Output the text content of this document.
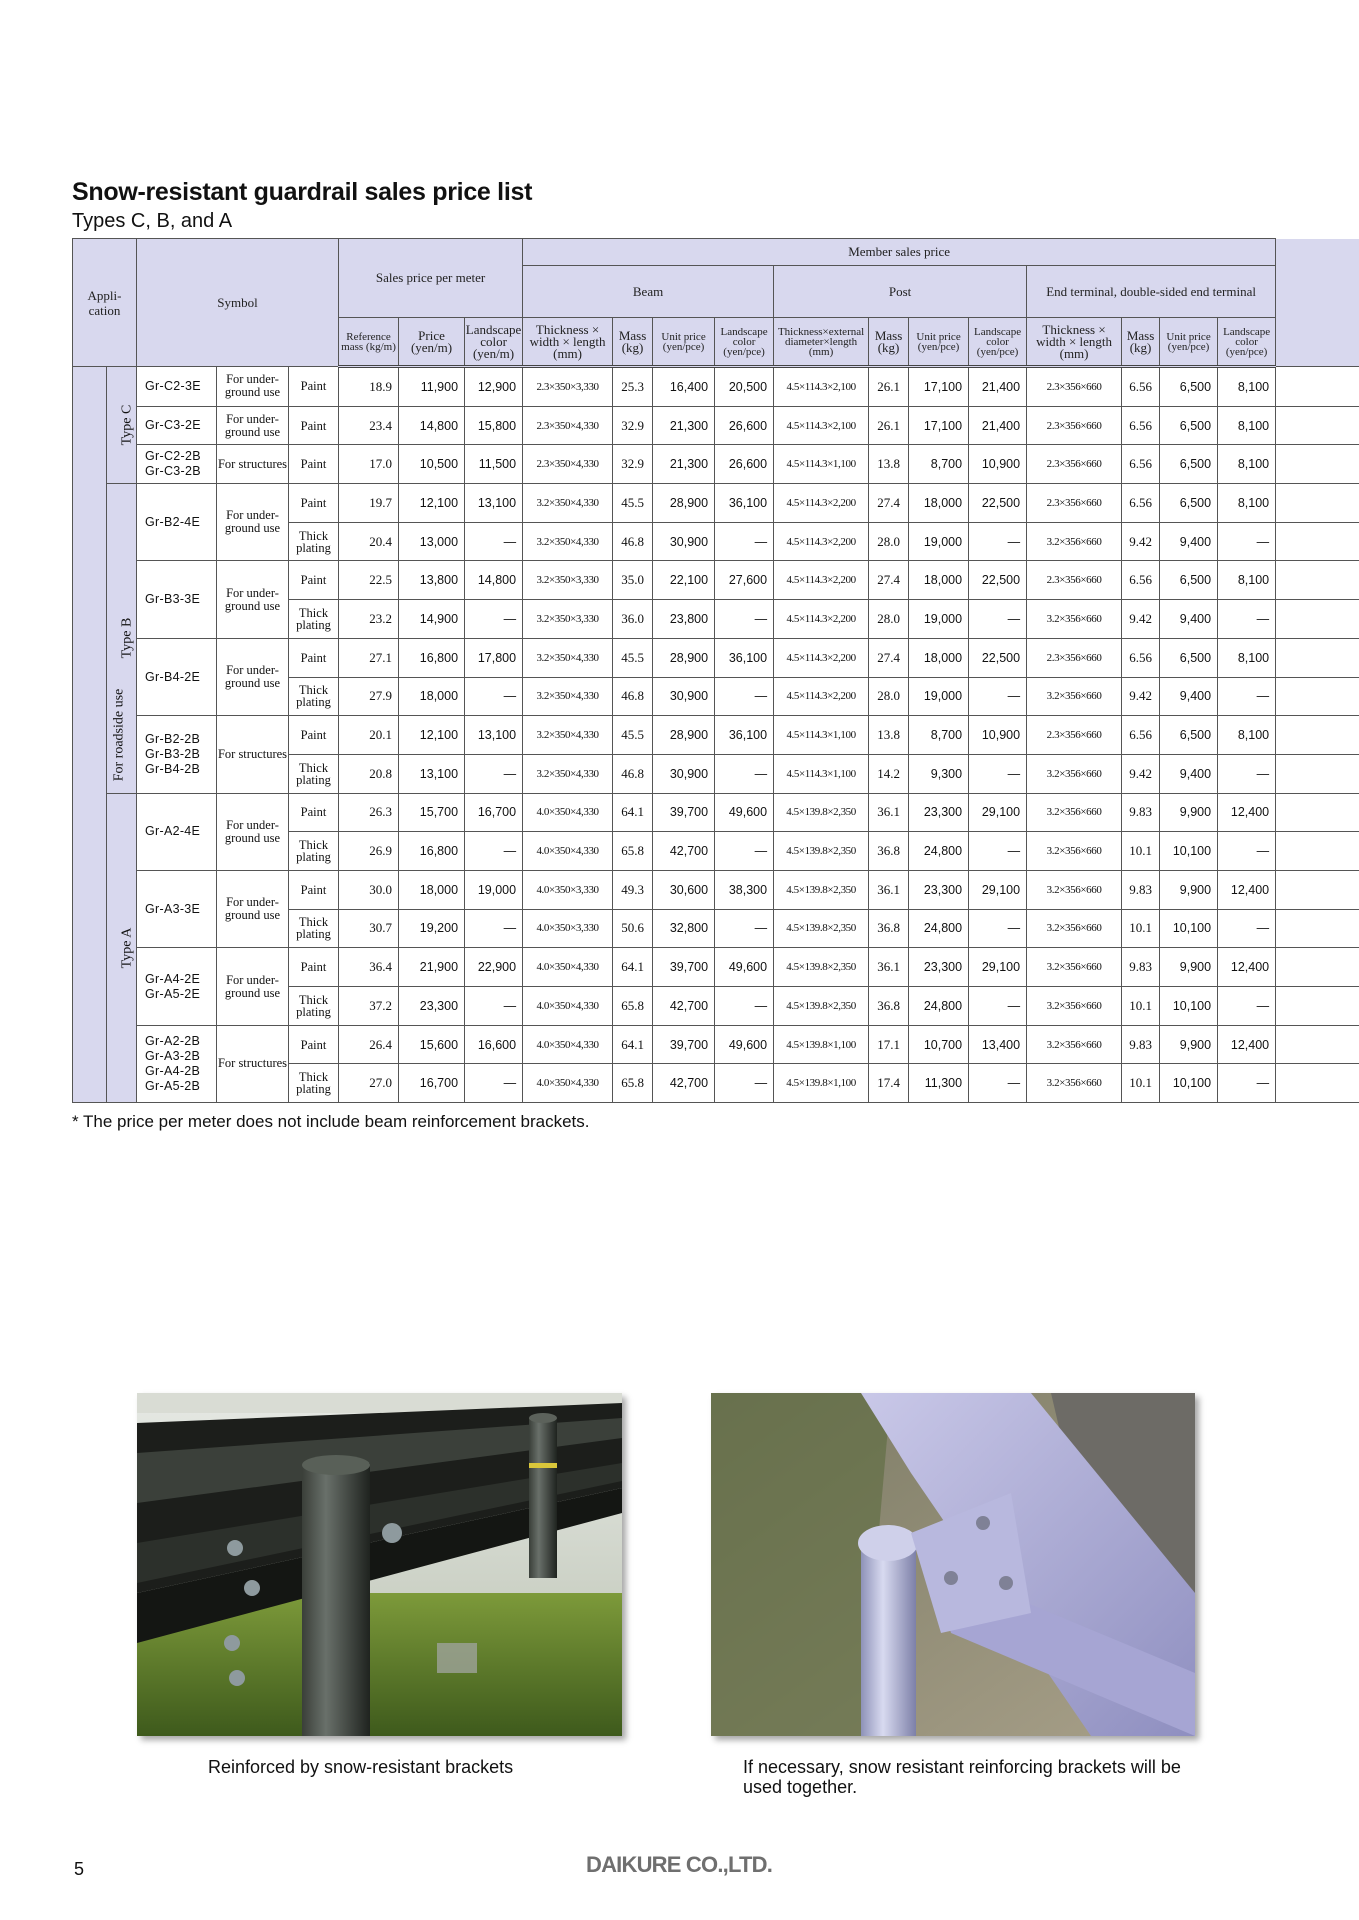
Snow-resistant guardrail sales price list
Types C, B, and A
Appli-cation		Symbol			Sales price per meter			Member sales price												
								Beam				Post				End terminal, double-sided end terminal				
					Reference mass (kg/m)	Price (yen/m)	Landscape color (yen/m)	Thickness × width × length (mm)	Mass (kg)	Unit price (yen/pce)	Landscape color (yen/pce)	Thickness×external diameter×length (mm)	Mass (kg)	Unit price (yen/pce)	Landscape color (yen/pce)	Thickness × width × length (mm)	Mass (kg)	Unit price (yen/pce)	Landscape color (yen/pce)	
For roadside use	Type C	Gr-C2-3E	For under-ground use	Paint	18.9	11,900	12,900	2.3×350×3,330	25.3	16,400	20,500	4.5×114.3×2,100	26.1	17,100	21,400	2.3×356×660	6.56	6,500	8,100	
		Gr-C3-2E	For under-ground use	Paint	23.4	14,800	15,800	2.3×350×4,330	32.9	21,300	26,600	4.5×114.3×2,100	26.1	17,100	21,400	2.3×356×660	6.56	6,500	8,100	
		Gr-C2-2B Gr-C3-2B	For structures	Paint	17.0	10,500	11,500	2.3×350×4,330	32.9	21,300	26,600	4.5×114.3×1,100	13.8	8,700	10,900	2.3×356×660	6.56	6,500	8,100	
	Type B	Gr-B2-4E	For under-ground use	Paint	19.7	12,100	13,100	3.2×350×4,330	45.5	28,900	36,100	4.5×114.3×2,200	27.4	18,000	22,500	2.3×356×660	6.56	6,500	8,100	
				Thick plating	20.4	13,000	—	3.2×350×4,330	46.8	30,900	—	4.5×114.3×2,200	28.0	19,000	—	3.2×356×660	9.42	9,400	—	
		Gr-B3-3E	For under-ground use	Paint	22.5	13,800	14,800	3.2×350×3,330	35.0	22,100	27,600	4.5×114.3×2,200	27.4	18,000	22,500	2.3×356×660	6.56	6,500	8,100	
				Thick plating	23.2	14,900	—	3.2×350×3,330	36.0	23,800	—	4.5×114.3×2,200	28.0	19,000	—	3.2×356×660	9.42	9,400	—	
		Gr-B4-2E	For under-ground use	Paint	27.1	16,800	17,800	3.2×350×4,330	45.5	28,900	36,100	4.5×114.3×2,200	27.4	18,000	22,500	2.3×356×660	6.56	6,500	8,100	
				Thick plating	27.9	18,000	—	3.2×350×4,330	46.8	30,900	—	4.5×114.3×2,200	28.0	19,000	—	3.2×356×660	9.42	9,400	—	
		Gr-B2-2B Gr-B3-2B Gr-B4-2B	For structures	Paint	20.1	12,100	13,100	3.2×350×4,330	45.5	28,900	36,100	4.5×114.3×1,100	13.8	8,700	10,900	2.3×356×660	6.56	6,500	8,100	
				Thick plating	20.8	13,100	—	3.2×350×4,330	46.8	30,900	—	4.5×114.3×1,100	14.2	9,300	—	3.2×356×660	9.42	9,400	—	
	Type A	Gr-A2-4E	For under-ground use	Paint	26.3	15,700	16,700	4.0×350×4,330	64.1	39,700	49,600	4.5×139.8×2,350	36.1	23,300	29,100	3.2×356×660	9.83	9,900	12,400	
				Thick plating	26.9	16,800	—	4.0×350×4,330	65.8	42,700	—	4.5×139.8×2,350	36.8	24,800	—	3.2×356×660	10.1	10,100	—	
		Gr-A3-3E	For under-ground use	Paint	30.0	18,000	19,000	4.0×350×3,330	49.3	30,600	38,300	4.5×139.8×2,350	36.1	23,300	29,100	3.2×356×660	9.83	9,900	12,400	
				Thick plating	30.7	19,200	—	4.0×350×3,330	50.6	32,800	—	4.5×139.8×2,350	36.8	24,800	—	3.2×356×660	10.1	10,100	—	
		Gr-A4-2E Gr-A5-2E	For under-ground use	Paint	36.4	21,900	22,900	4.0×350×4,330	64.1	39,700	49,600	4.5×139.8×2,350	36.1	23,300	29,100	3.2×356×660	9.83	9,900	12,400	
				Thick plating	37.2	23,300	—	4.0×350×4,330	65.8	42,700	—	4.5×139.8×2,350	36.8	24,800	—	3.2×356×660	10.1	10,100	—	
		Gr-A2-2B Gr-A3-2B Gr-A4-2B Gr-A5-2B	For structures	Paint	26.4	15,600	16,600	4.0×350×4,330	64.1	39,700	49,600	4.5×139.8×1,100	17.1	10,700	13,400	3.2×356×660	9.83	9,900	12,400	
				Thick plating	27.0	16,700	—	4.0×350×4,330	65.8	42,700	—	4.5×139.8×1,100	17.4	11,300	—	3.2×356×660	10.1	10,100	—	
* The price per meter does not include beam reinforcement brackets.
Reinforced by snow-resistant brackets	If necessary, snow resistant reinforcing brackets will be used together.
5	DAIKURE CO.,LTD.
